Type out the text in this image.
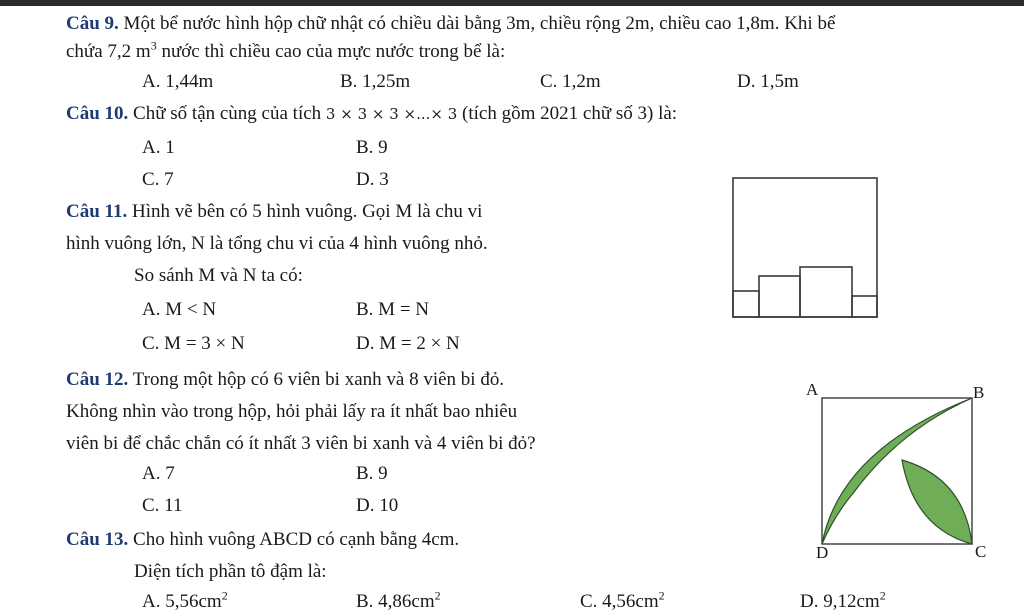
Câu 9. Một bể nước hình hộp chữ nhật có chiều dài bằng 3m, chiều rộng 2m, chiều cao 1,8m. Khi bể
chứa 7,2 $m^3$ nước thì chiều cao của mực nước trong bể là:
A. 1,44m	B. 1,25m	C. 1,2m	D. 1,5m
Câu 10. Chữ số tận cùng của tích 3 × 3 × 3 ×...× 3 (tích gồm 2021 chữ số 3) là:
A. 1	B. 9
C. 7	D. 3
Câu 11. Hình vẽ bên có 5 hình vuông. Gọi M là chu vi
hình vuông lớn, N là tổng chu vi của 4 hình vuông nhỏ.
So sánh M và N ta có:
A. M < N	B. M = N
C. M = 3 × N	D. M = 2 × N
Câu 12. Trong một hộp có 6 viên bi xanh và 8 viên bi đỏ.
Không nhìn vào trong hộp, hỏi phải lấy ra ít nhất bao nhiêu
viên bi để chắc chắn có ít nhất 3 viên bi xanh và 4 viên bi đỏ?
A. 7	B. 9
C. 11	D. 10
A	B
C
D
Câu 13. Cho hình vuông ABCD có cạnh bằng 4cm.
Diện tích phần tô đậm là:
A. $5,56cm^2$	B. $4,86cm^2$	C. $4,56cm^2$	D. $9,12cm^2$
